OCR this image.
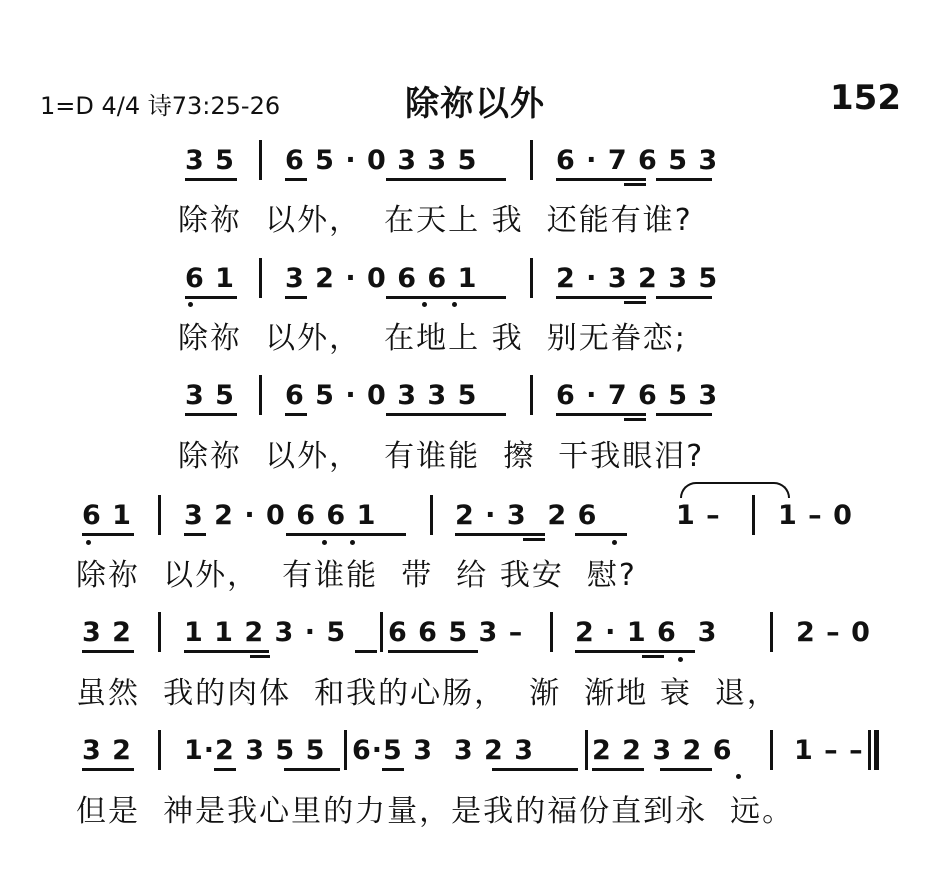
1=D 4/4 诗73:25-26	除祢以外	152
3 5 6 5 · 0 3 3 5	6 · 7 6 5 3
除祢  以外，  在天上 我  还能有谁?
6 1 3 2 · 0 6 6 1	2 · 3 2 3 5
除祢  以外，  在地上 我  别无眷恋;
3 5 6 5 · 0 3 3 5	6 · 7 6 5 3
除祢  以外，  有谁能  擦  干我眼泪?
6 1 3 2 · 0 6 6 1	2 · 3  2 6	1 – 1 – 0
除祢  以外，  有谁能  带  给 我安  慰?
3 2 1 1 2 3 · 5 6 6 5 3 – 2 · 1 6  3	2 – 0
虽然  我的肉体  和我的心肠，  渐  渐地 衰  退，
3 2 1·2 3 5 5 6·5 3  3 2 3 2 2 3 2 6 1 – –
但是  神是我心里的力量，是我的福份直到永  远。
